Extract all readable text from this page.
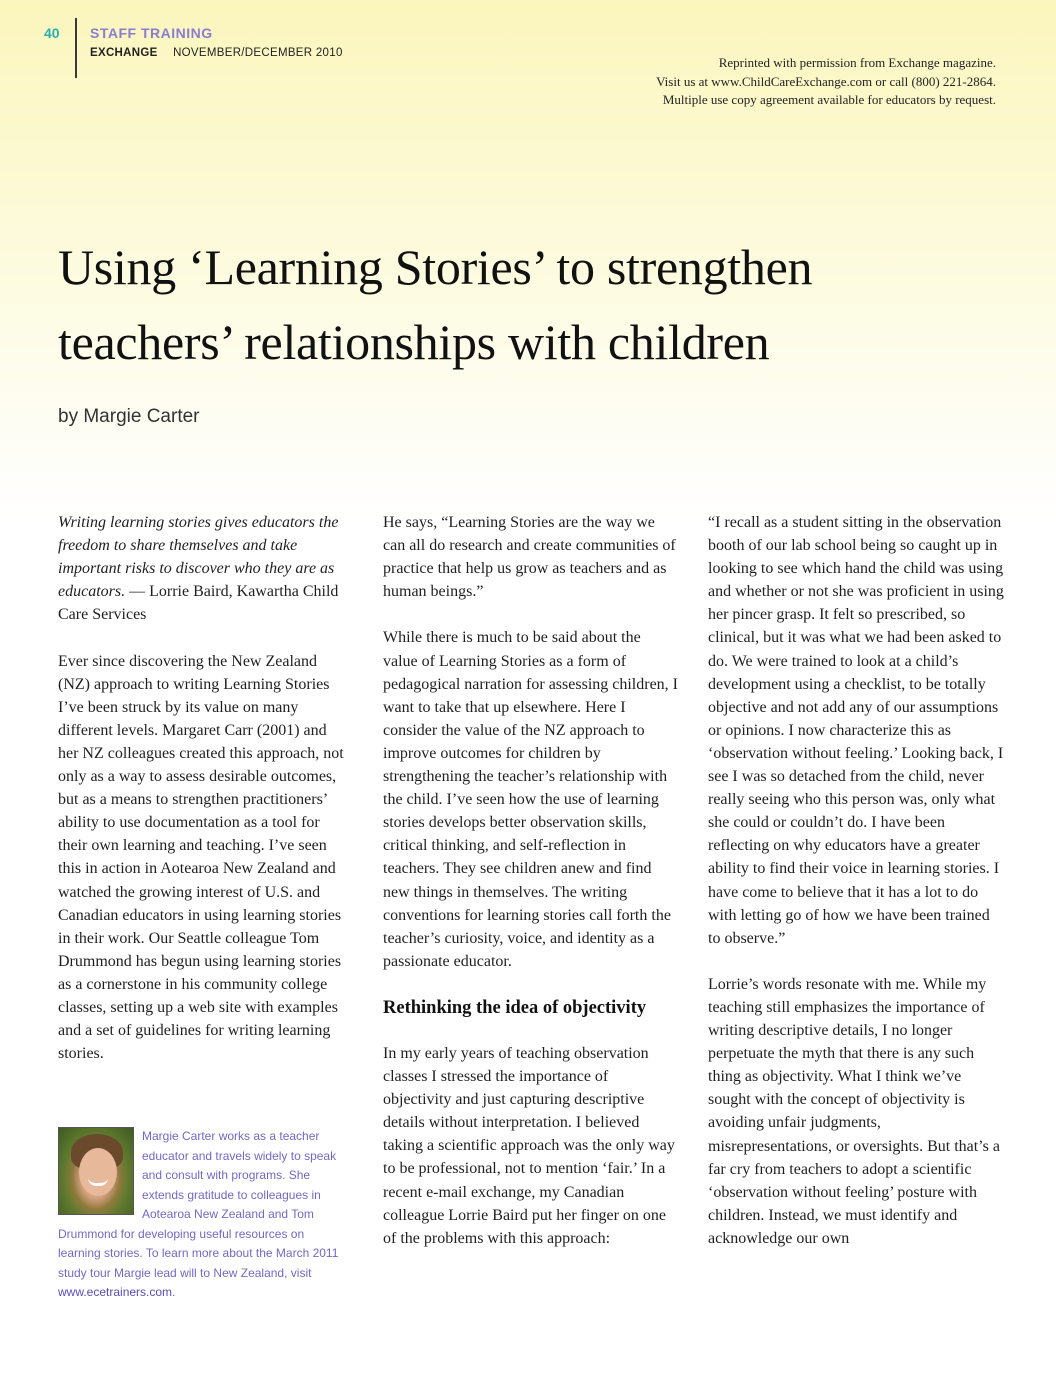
40 STAFF TRAINING
EXCHANGE NOVEMBER/DECEMBER 2010
Reprinted with permission from Exchange magazine.
Visit us at www.ChildCareExchange.com or call (800) 221-2864.
Multiple use copy agreement available for educators by request.
Using ‘Learning Stories’ to strengthen
teachers’ relationships with children
by Margie Carter

Writing learning stories gives educators the freedom to share themselves and take important risks to discover who they are as educators. — Lorrie Baird, Kawartha Child Care Services

Ever since discovering the New Zealand (NZ) approach to writing Learning Stories I’ve been struck by its value on many different levels. Margaret Carr (2001) and her NZ colleagues created this approach, not only as a way to assess desirable outcomes, but as a means to strengthen practitioners’ ability to use documentation as a tool for their own learning and teaching. I’ve seen this in action in Aotearoa New Zealand and watched the growing interest of U.S. and Canadian educators in using learning stories in their work. Our Seattle colleague Tom Drummond has begun using learning stories as a cornerstone in his community college classes, setting up a web site with examples and a set of guidelines for writing learning stories.

Margie Carter works as a teacher educator and travels widely to speak and consult with programs. She extends gratitude to colleagues in Aotearoa New Zealand and Tom Drummond for developing useful resources on learning stories. To learn more about the March 2011 study tour Margie lead will to New Zealand, visit www.ecetrainers.com.

He says, “Learning Stories are the way we can all do research and create communities of practice that help us grow as teachers and as human beings.”

While there is much to be said about the value of Learning Stories as a form of pedagogical narration for assessing children, I want to take that up elsewhere. Here I consider the value of the NZ approach to improve outcomes for children by strengthening the teacher’s relationship with the child. I’ve seen how the use of learning stories develops better observation skills, critical thinking, and self-reflection in teachers. They see children anew and find new things in themselves. The writing conventions for learning stories call forth the teacher’s curiosity, voice, and identity as a passionate educator.

Rethinking the idea of objectivity

In my early years of teaching observation classes I stressed the importance of objectivity and just capturing descriptive details without interpretation. I believed taking a scientific approach was the only way to be professional, not to mention ‘fair.’ In a recent e-mail exchange, my Canadian colleague Lorrie Baird put her finger on one of the problems with this approach:

“I recall as a student sitting in the observation booth of our lab school being so caught up in looking to see which hand the child was using and whether or not she was proficient in using her pincer grasp. It felt so prescribed, so clinical, but it was what we had been asked to do. We were trained to look at a child’s development using a checklist, to be totally objective and not add any of our assumptions or opinions. I now characterize this as ‘observation without feeling.’ Looking back, I see I was so detached from the child, never really seeing who this person was, only what she could or couldn’t do. I have been reflecting on why educators have a greater ability to find their voice in learning stories. I have come to believe that it has a lot to do with letting go of how we have been trained to observe.”

Lorrie’s words resonate with me. While my teaching still emphasizes the importance of writing descriptive details, I no longer perpetuate the myth that there is any such thing as objectivity. What I think we’ve sought with the concept of objectivity is avoiding unfair judgments, misrepresentations, or oversights. But that’s a far cry from teachers to adopt a scientific ‘observation without feeling’ posture with children. Instead, we must identify and acknowledge our own
